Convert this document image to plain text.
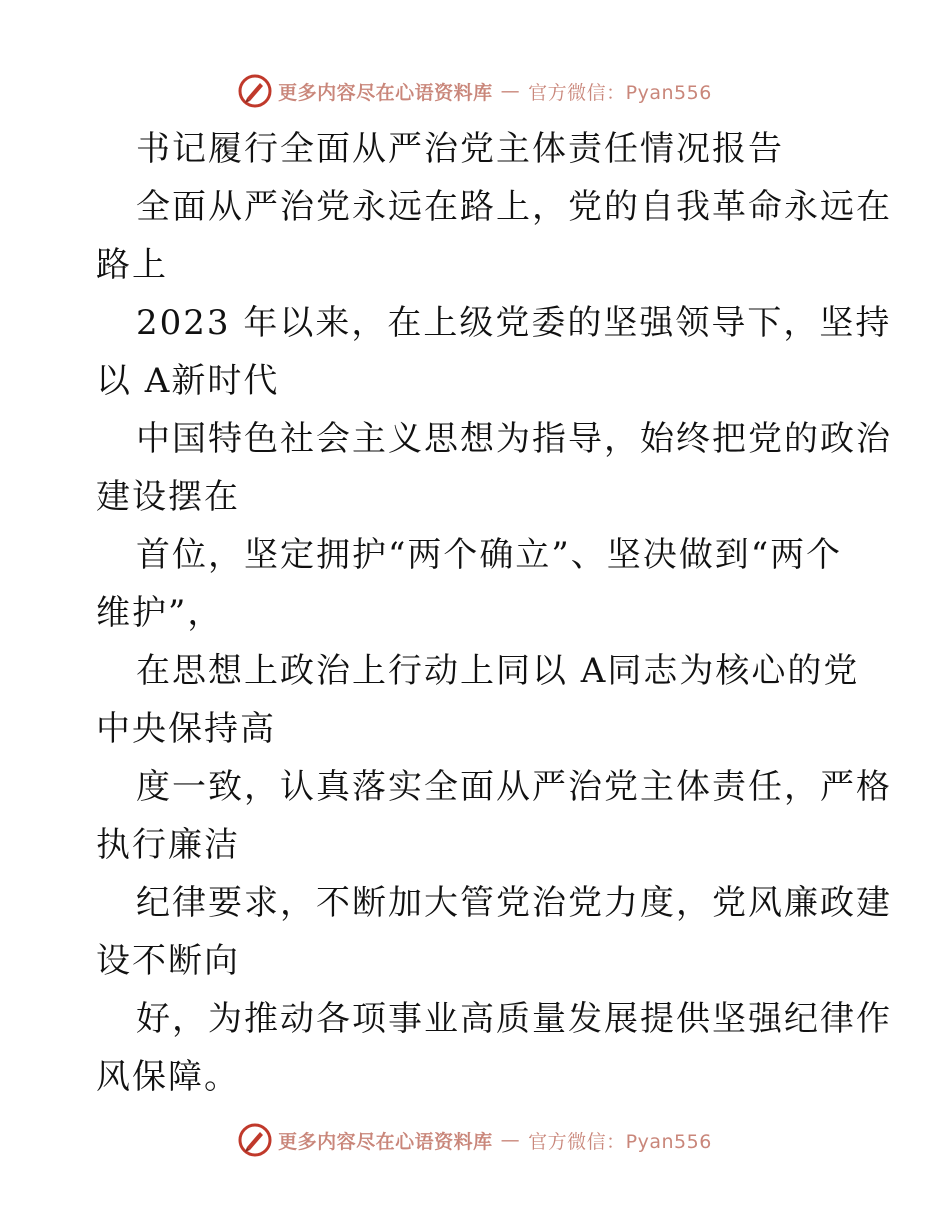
更多内容尽在心语资料库 — 官方微信：Pyan556
书记履行全面从严治党主体责任情况报告
全面从严治党永远在路上，党的自我革命永远在
路上
2023 年以来，在上级党委的坚强领导下，坚持
以 A新时代
中国特色社会主义思想为指导，始终把党的政治
建设摆在
首位，坚定拥护“两个确立”、坚决做到“两个
维护”，
在思想上政治上行动上同以 A同志为核心的党
中央保持高
度一致，认真落实全面从严治党主体责任，严格
执行廉洁
纪律要求，不断加大管党治党力度，党风廉政建
设不断向
好，为推动各项事业高质量发展提供坚强纪律作
风保障。
更多内容尽在心语资料库 — 官方微信：Pyan556
